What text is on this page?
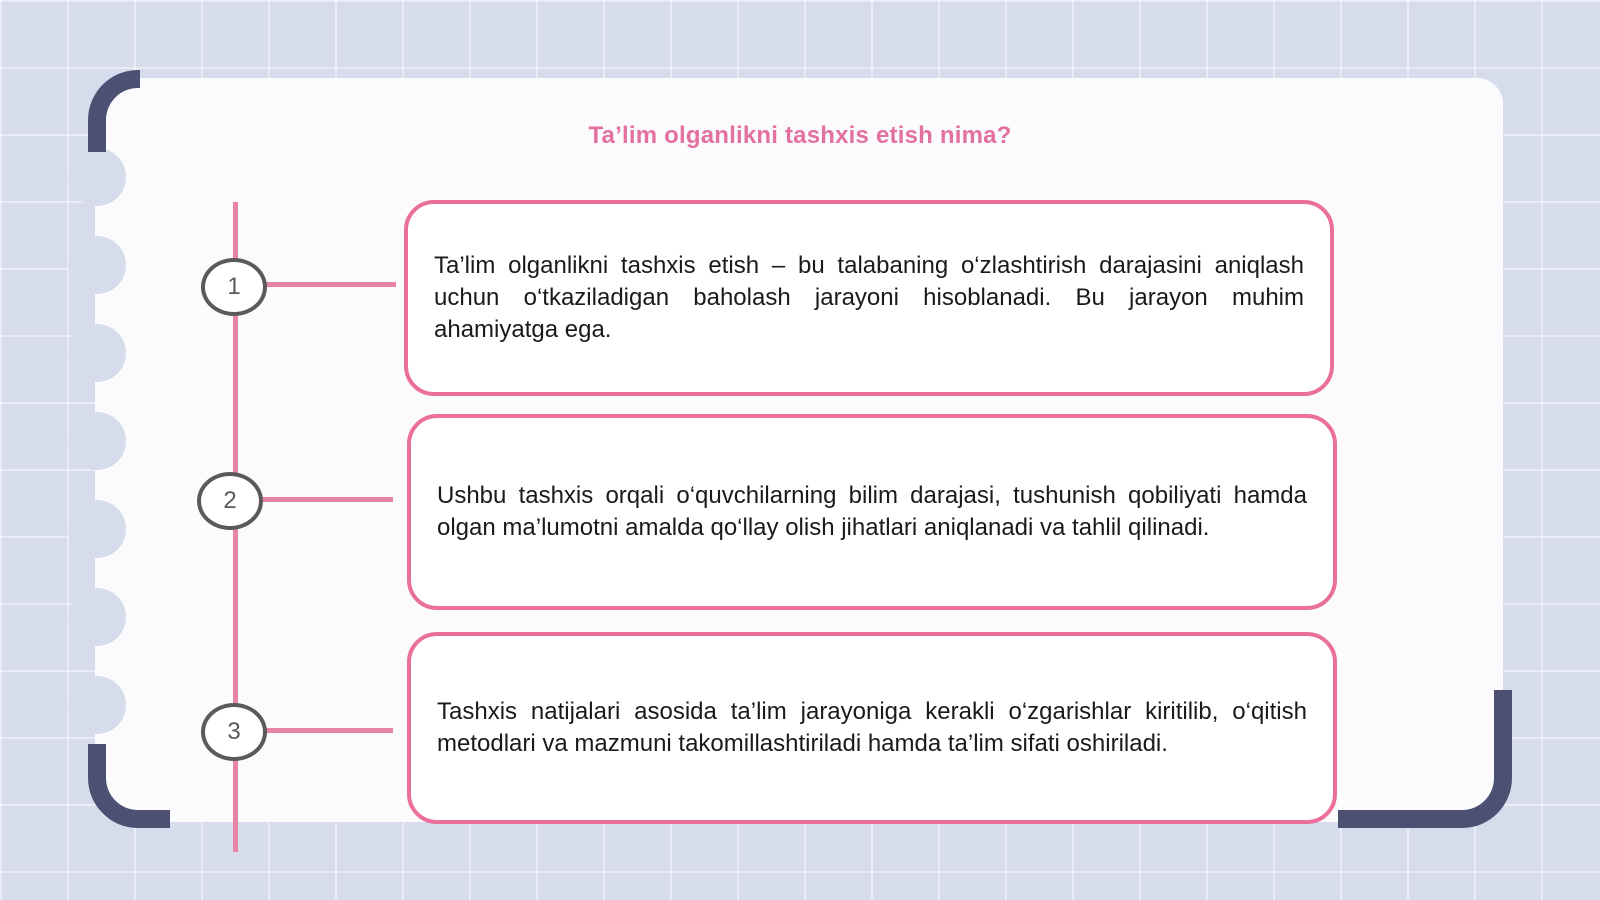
Ta’lim olganlikni tashxis etish nima?
1
2
3

Ta’lim olganlikni tashxis etish – bu talabaning o‘zlashtirish darajasini aniqlash uchun o‘tkaziladigan baholash jarayoni hisoblanadi. Bu jarayon muhim ahamiyatga ega.

Ushbu tashxis orqali o‘quvchilarning bilim darajasi, tushunish qobiliyati hamda olgan ma’lumotni amalda qo‘llay olish jihatlari aniqlanadi va tahlil qilinadi.

Tashxis natijalari asosida ta’lim jarayoniga kerakli o‘zgarishlar kiritilib, o‘qitish metodlari va mazmuni takomillashtiriladi hamda ta’lim sifati oshiriladi.
